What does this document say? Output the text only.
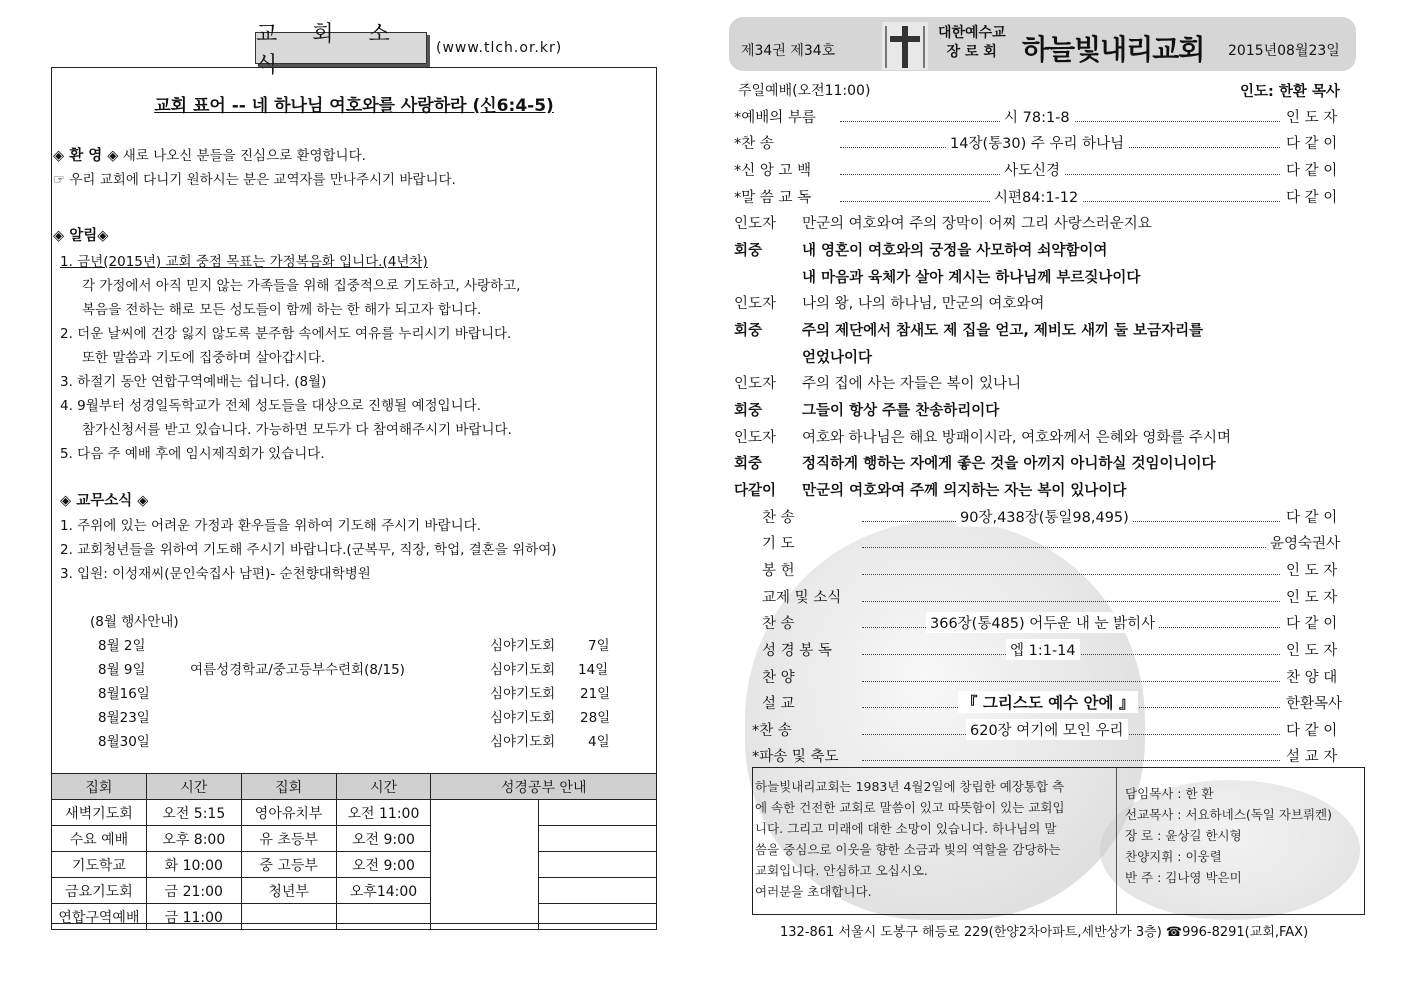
교 회 소 식
(www.tlch.or.kr)
교회 표어 -- 네 하나님 여호와를 사랑하라 (신6:4-5)
◈ 환 영 ◈ 새로 나오신 분들을 진심으로 환영합니다.
☞ 우리 교회에 다니기 원하시는 분은 교역자를 만나주시기 바랍니다.
◈ 알림◈
1. 금년(2015년) 교회 중점 목표는 가정복음화 입니다.(4년차)
각 가정에서 아직 믿지 않는 가족들을 위해 집중적으로 기도하고, 사랑하고,
복음을 전하는 해로 모든 성도들이 함께 하는 한 해가 되고자 합니다.
2. 더운 날씨에 건강 잃지 않도록 분주함 속에서도 여유를 누리시기 바랍니다.
또한 말씀과 기도에 집중하며 살아갑시다.
3. 하절기 동안 연합구역예배는 쉽니다. (8월)
4. 9월부터 성경일독학교가 전체 성도들을 대상으로 진행될 예정입니다.
참가신청서를 받고 있습니다. 가능하면 모두가 다 참여해주시기 바랍니다.
5. 다음 주 예배 후에 임시제직회가 있습니다.
◈ 교무소식 ◈
1. 주위에 있는 어려운 가정과 환우들을 위하여 기도해 주시기 바랍니다.
2. 교회청년들을 위하여 기도해 주시기 바랍니다.(군복무, 직장, 학업, 결혼을 위하여)
3. 입원: 이성재씨(문인숙집사 남편)- 순천향대학병원
(8월 행사안내)
8월 2일	심야기도회 7일
8월 9일	여름성경학교/중고등부수련회(8/15)	심야기도회 14일
8월16일	심야기도회 21일
8월23일	심야기도회 28일
8월30일	심야기도회 4일
집회	시간	집회	시간	성경공부 안내	
새벽기도회	오전 5:15	영아유치부	오전 11:00		
수요 예배	오후 8:00	유 초등부	오전 9:00		
기도학교	화 10:00	중 고등부	오전 9:00		
금요기도회	금 21:00	청년부	오후14:00		
연합구역예배	금 11:00				
제34권 제34호
대한예수교
장 로 회 하늘빛내리교회 2015년08월23일
주일예배(오전11:00)	인도: 한환 목사
*예배의 부름	시 78:1-8	인 도 자
*찬 송	14장(통30) 주 우리 하나님	다 같 이
*신 앙 고 백	사도신경	다 같 이
*말 씀 교 독	시편84:1-12	다 같 이
인도자 만군의 여호와여 주의 장막이 어찌 그리 사랑스러운지요
회중	내 영혼이 여호와의 궁정을 사모하여 쇠약함이여
내 마음과 육체가 살아 계시는 하나님께 부르짖나이다
인도자 나의 왕, 나의 하나님, 만군의 여호와여
회중	주의 제단에서 참새도 제 집을 얻고, 제비도 새끼 둘 보금자리를
얻었나이다
인도자 주의 집에 사는 자들은 복이 있나니
회중	그들이 항상 주를 찬송하리이다
인도자 여호와 하나님은 해요 방패이시라, 여호와께서 은혜와 영화를 주시며
회중	정직하게 행하는 자에게 좋은 것을 아끼지 아니하실 것임이니이다
다같이 만군의 여호와여 주께 의지하는 자는 복이 있나이다
찬 송	90장,438장(통일98,495)	다 같 이
기 도	윤영숙권사
봉 헌	인 도 자
교제 및 소식	인 도 자
찬 송	366장(통485) 어두운 내 눈 밝히사	다 같 이
성 경 봉 독	엡 1:1-14	인 도 자
찬 양	찬 양 대
설 교	『 그리스도 예수 안에 』	한환목사
*찬 송	620장 여기에 모인 우리	다 같 이
*파송 및 축도	설 교 자
하늘빛내리교회는 1983년 4월2일에 창립한 예장통합 측
에 속한 건전한 교회로 말씀이 있고 따뜻함이 있는 교회입
니다. 그리고 미래에 대한 소망이 있습니다. 하나님의 말
씀을 중심으로 이웃을 향한 소금과 빛의 역할을 감당하는
교회입니다. 안심하고 오십시오.
여러분을 초대합니다.
담임목사 : 한 환
선교목사 : 서요하네스(독일 자브뤼켄)
장 로 : 윤상길 한시형
찬양지휘 : 이웅렬
반 주 : 김나영 박은미
132-861 서울시 도봉구 해등로 229(한양2차아파트,세반상가 3층) ☎996-8291(교회,FAX)
